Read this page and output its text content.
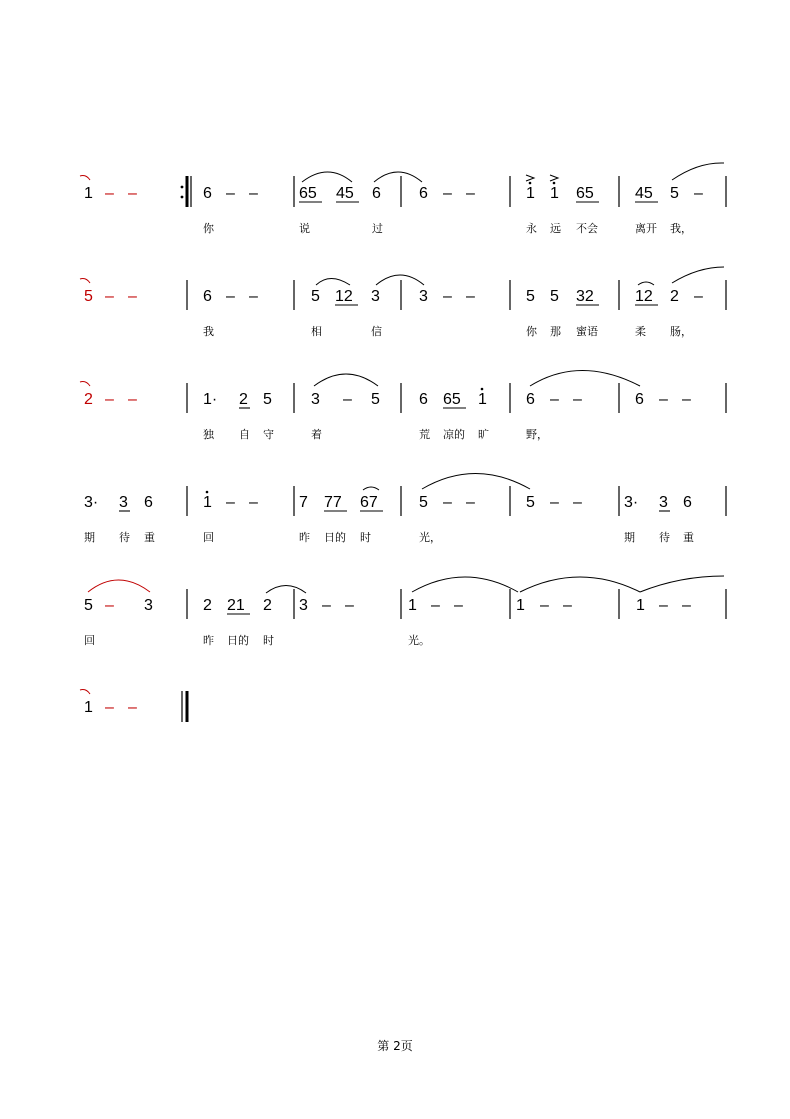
1 – –	6 – –	65 45 6 6 – –	1 1 65	45 5 –
你	说	过	永 远 不会	离开 我，
5 – –	6 – –	5 12 3 3 – –	5 5 32	12 2 –
我	相	信	你 那 蜜语	柔 肠，
2 – –	1· 2 5 3 – 5 6 65 1 6 – –	6 – –
独 自 守	着	荒 凉的 旷	野，
3· 3 6	1 – –	7 77 67	5 – –	5 – –	3· 3 6
期 待 重	回	昨 日的 时	光，	期 待 重
5 – 3	2 21 2 3 – –	1 – –	1 – –	1 – –
回	昨 日的 时	光。
1 – –
第 2页
